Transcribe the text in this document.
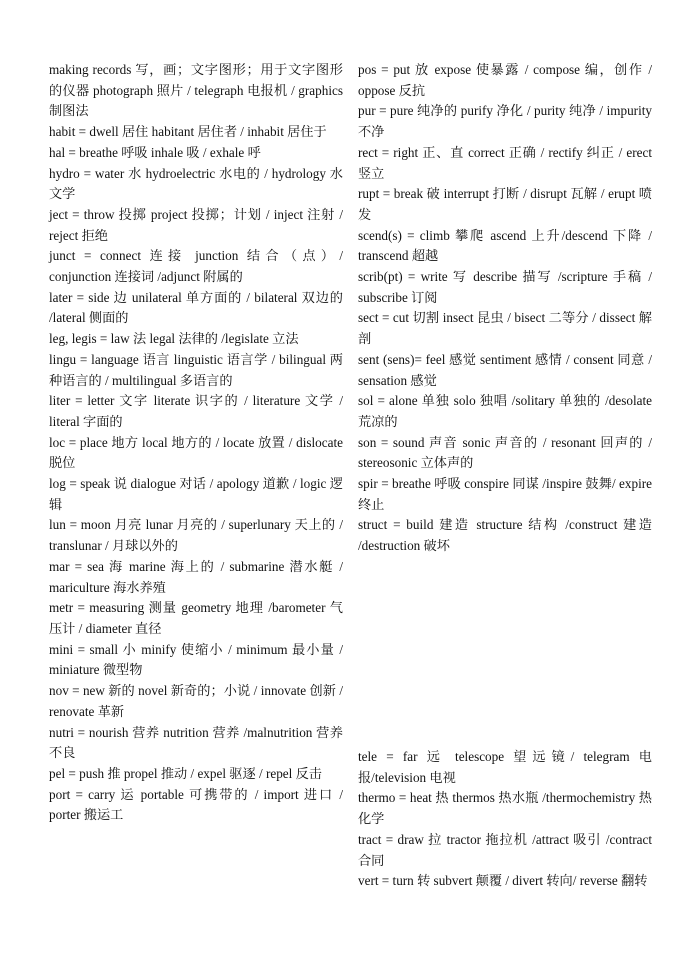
making records 写，画；文字图形；用于文字图形的仪器 photograph 照片 / telegraph 电报机 / graphics 制图法

habit = dwell 居住 habitant 居住者 / inhabit 居住于

hal = breathe 呼吸 inhale 吸 / exhale 呼

hydro = water 水 hydroelectric 水电的 / hydrology 水文学

ject = throw 投掷 project 投掷；计划 / inject 注射 / reject 拒绝

junct = connect 连接 junction 结合（点）/ conjunction 连接词 /adjunct 附属的

later = side 边 unilateral 单方面的 / bilateral 双边的 /lateral 侧面的

leg, legis = law 法 legal 法律的 /legislate 立法

lingu = language 语言 linguistic 语言学 / bilingual 两种语言的 / multilingual 多语言的

liter = letter 文字 literate 识字的 / literature 文学 / literal 字面的

loc = place 地方 local 地方的 / locate 放置 / dislocate 脱位

log = speak 说 dialogue 对话 / apology 道歉 / logic 逻辑

lun = moon 月亮 lunar 月亮的 / superlunary 天上的 / translunar / 月球以外的

mar = sea 海 marine 海上的 / submarine 潜水艇 / mariculture 海水养殖

metr = measuring 测量 geometry 地理 /barometer 气压计 / diameter 直径

mini = small 小 minify 使缩小 / minimum 最小量 / miniature 微型物

nov = new 新的 novel 新奇的；小说 / innovate 创新 / renovate 革新

nutri = nourish 营养 nutrition 营养 /malnutrition 营养不良

pel = push 推 propel 推动 / expel 驱逐 / repel 反击

port = carry 运 portable 可携带的 / import 进口 / porter 搬运工

pos = put 放 expose 使暴露 / compose 编，创作 / oppose 反抗

pur = pure 纯净的 purify 净化 / purity 纯净 / impurity 不净

rect = right 正、直 correct 正确 / rectify 纠正 / erect 竖立

rupt = break 破 interrupt 打断 / disrupt 瓦解 / erupt 喷发

scend(s) = climb 攀爬 ascend 上升/descend 下降 / transcend 超越

scrib(pt) = write 写 describe 描写 /scripture 手稿 / subscribe 订阅

sect = cut 切割 insect 昆虫 / bisect 二等分 / dissect 解剖

sent (sens)= feel 感觉 sentiment 感情 / consent 同意 / sensation 感觉

sol = alone 单独 solo 独唱 /solitary 单独的 /desolate 荒凉的

son = sound 声音 sonic 声音的 / resonant 回声的 / stereosonic 立体声的

spir = breathe 呼吸 conspire 同谋 /inspire 鼓舞/ expire 终止

struct = build 建造 structure 结构 /construct 建造 /destruction 破坏

tele = far 远 telescope 望远镜/ telegram 电报/television 电视

thermo = heat 热 thermos 热水瓶 /thermochemistry 热化学

tract = draw 拉 tractor 拖拉机 /attract 吸引 /contract 合同

vert = turn 转 subvert 颠覆 / divert 转向/ reverse 翻转
